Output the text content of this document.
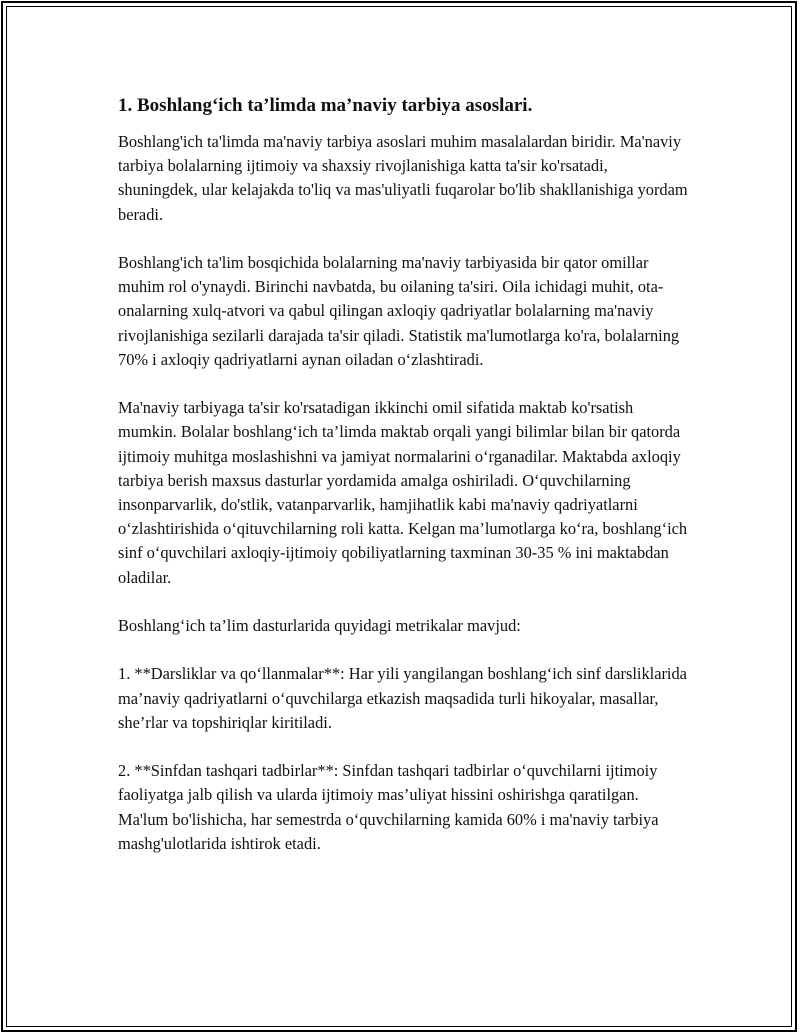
1. Boshlang‘ich ta’limda ma’naviy tarbiya asoslari.

Boshlang'ich ta'limda ma'naviy tarbiya asoslari muhim masalalardan biridir. Ma'naviy tarbiya bolalarning ijtimoiy va shaxsiy rivojlanishiga katta ta'sir ko'rsatadi, shuningdek, ular kelajakda to'liq va mas'uliyatli fuqarolar bo'lib shakllanishiga yordam beradi.

Boshlang'ich ta'lim bosqichida bolalarning ma'naviy tarbiyasida bir qator omillar muhim rol o'ynaydi. Birinchi navbatda, bu oilaning ta'siri. Oila ichidagi muhit, ota-onalarning xulq-atvori va qabul qilingan axloqiy qadriyatlar bolalarning ma'naviy rivojlanishiga sezilarli darajada ta'sir qiladi. Statistik ma'lumotlarga ko'ra, bolalarning 70% i axloqiy qadriyatlarni aynan oiladan o‘zlashtiradi.

Ma'naviy tarbiyaga ta'sir ko'rsatadigan ikkinchi omil sifatida maktab ko'rsatish mumkin. Bolalar boshlang‘ich ta’limda maktab orqali yangi bilimlar bilan bir qatorda ijtimoiy muhitga moslashishni va jamiyat normalarini o‘rganadilar. Maktabda axloqiy tarbiya berish maxsus dasturlar yordamida amalga oshiriladi. O‘quvchilarning insonparvarlik, do'stlik, vatanparvarlik, hamjihatlik kabi ma'naviy qadriyatlarni o‘zlashtirishida o‘qituvchilarning roli katta. Kelgan ma’lumotlarga ko‘ra, boshlang‘ich sinf o‘quvchilari axloqiy-ijtimoiy qobiliyatlarning taxminan 30-35 % ini maktabdan oladilar.

Boshlang‘ich ta’lim dasturlarida quyidagi metrikalar mavjud:

1. **Darsliklar va qo‘llanmalar**: Har yili yangilangan boshlang‘ich sinf darsliklarida ma’naviy qadriyatlarni o‘quvchilarga etkazish maqsadida turli hikoyalar, masallar, she’rlar va topshiriqlar kiritiladi.

2. **Sinfdan tashqari tadbirlar**: Sinfdan tashqari tadbirlar o‘quvchilarni ijtimoiy faoliyatga jalb qilish va ularda ijtimoiy mas’uliyat hissini oshirishga qaratilgan. Ma'lum bo'lishicha, har semestrda o‘quvchilarning kamida 60% i ma'naviy tarbiya mashg'ulotlarida ishtirok etadi.
